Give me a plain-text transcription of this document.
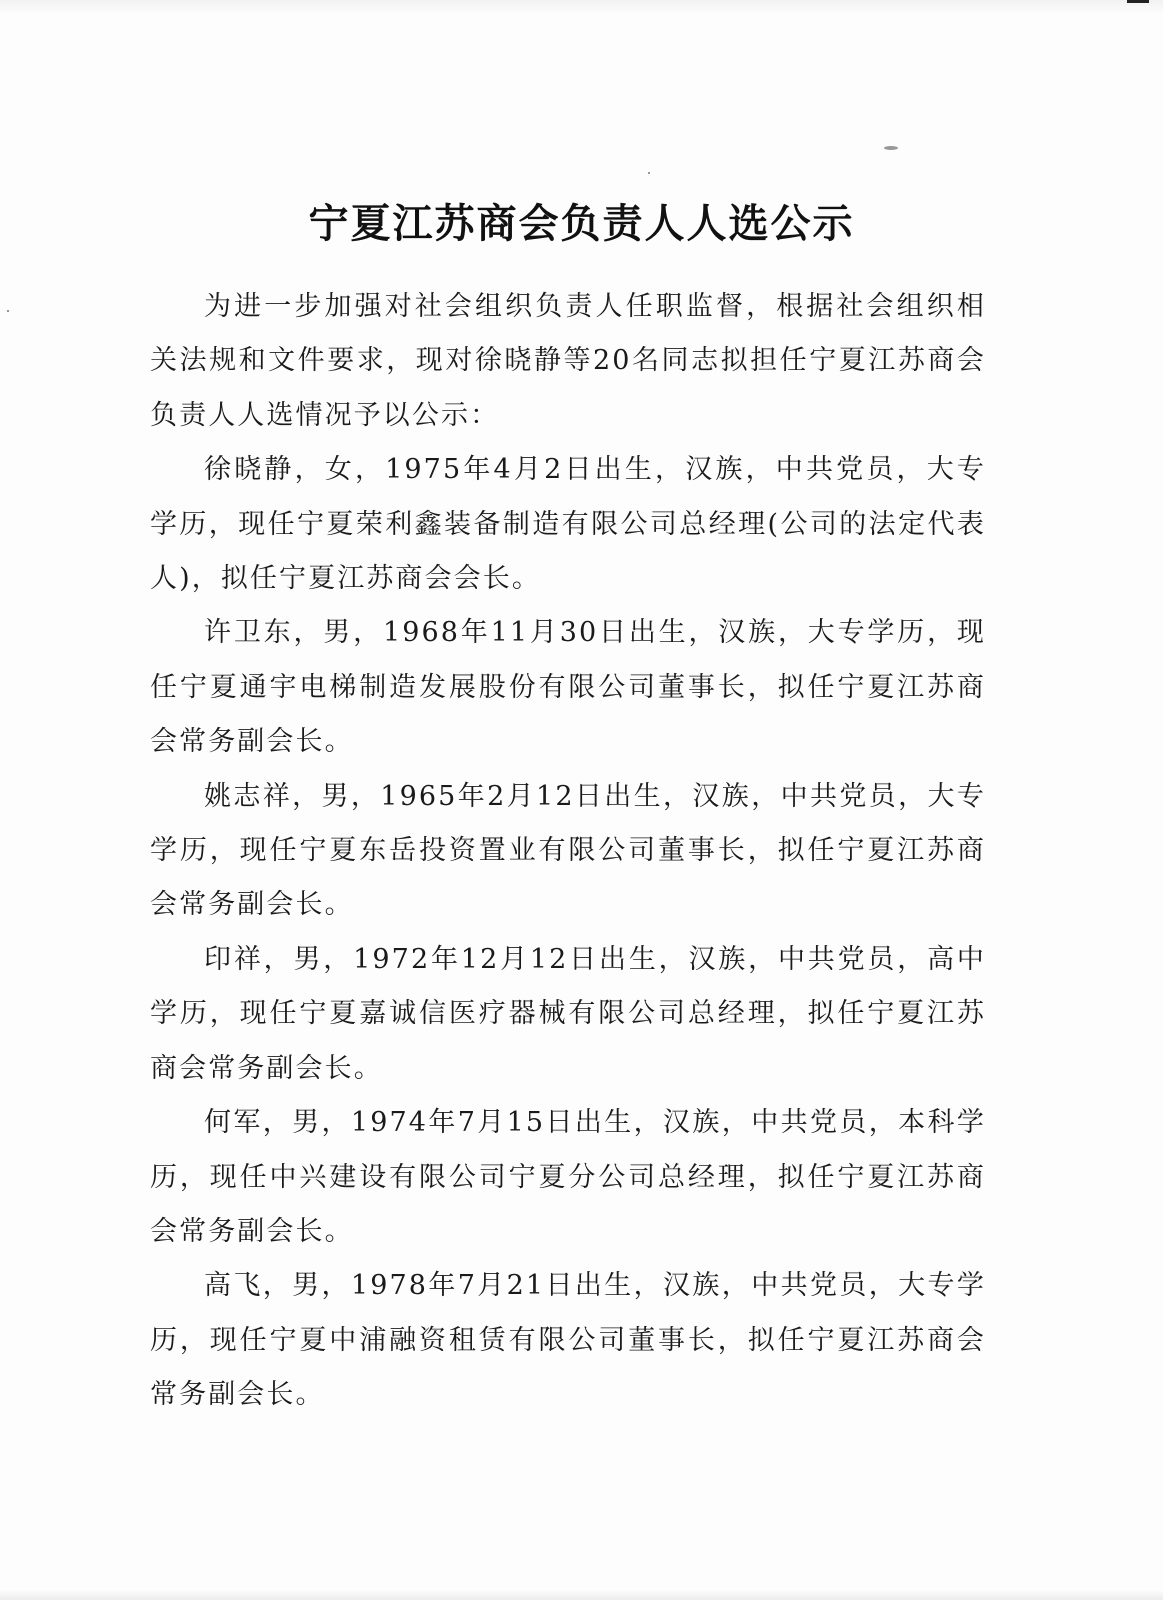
宁夏江苏商会负责人人选公示

为进一步加强对社会组织负责人任职监督，根据社会组织相关法规和文件要求，现对徐晓静等20名同志拟担任宁夏江苏商会负责人人选情况予以公示：

徐晓静，女，1975年4月2日出生，汉族，中共党员，大专学历，现任宁夏荣利鑫装备制造有限公司总经理(公司的法定代表人)，拟任宁夏江苏商会会长。

许卫东，男，1968年11月30日出生，汉族，大专学历，现任宁夏通宇电梯制造发展股份有限公司董事长，拟任宁夏江苏商会常务副会长。

姚志祥，男，1965年2月12日出生，汉族，中共党员，大专学历，现任宁夏东岳投资置业有限公司董事长，拟任宁夏江苏商会常务副会长。

印祥，男，1972年12月12日出生，汉族，中共党员，高中学历，现任宁夏嘉诚信医疗器械有限公司总经理，拟任宁夏江苏商会常务副会长。

何军，男，1974年7月15日出生，汉族，中共党员，本科学历，现任中兴建设有限公司宁夏分公司总经理，拟任宁夏江苏商会常务副会长。

高飞，男，1978年7月21日出生，汉族，中共党员，大专学历，现任宁夏中浦融资租赁有限公司董事长，拟任宁夏江苏商会常务副会长。
